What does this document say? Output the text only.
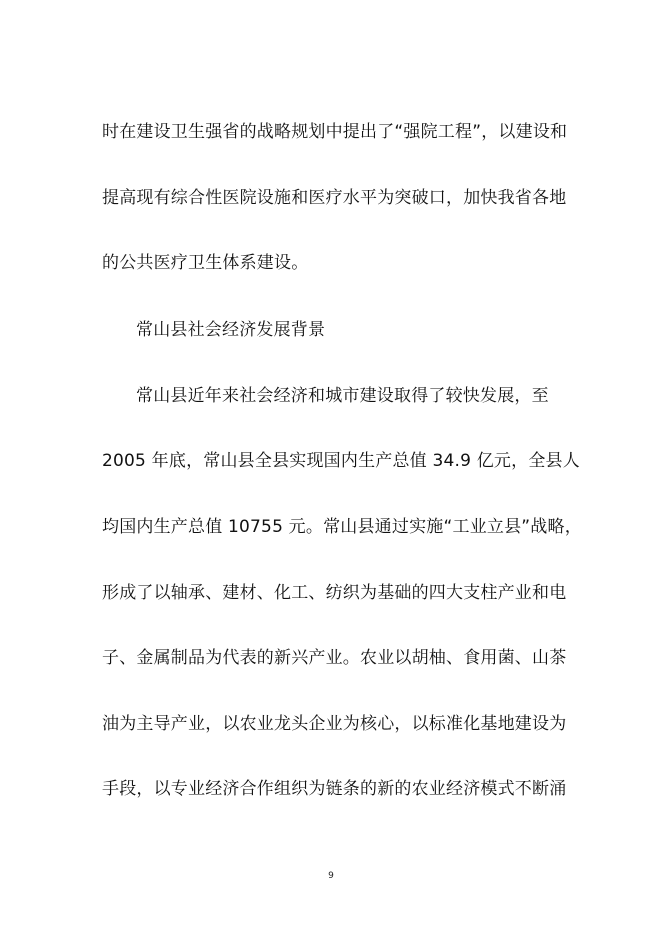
时在建设卫生强省的战略规划中提出了“强院工程”，以建设和
提高现有综合性医院设施和医疗水平为突破口，加快我省各地
的公共医疗卫生体系建设。
常山县社会经济发展背景
常山县近年来社会经济和城市建设取得了较快发展，至
2005 年底，常山县全县实现国内生产总值 34.9 亿元，全县人
均国内生产总值 10755 元。常山县通过实施“工业立县”战略，
形成了以轴承、建材、化工、纺织为基础的四大支柱产业和电
子、金属制品为代表的新兴产业。农业以胡柚、食用菌、山茶
油为主导产业，以农业龙头企业为核心，以标准化基地建设为
手段，以专业经济合作组织为链条的新的农业经济模式不断涌
9
